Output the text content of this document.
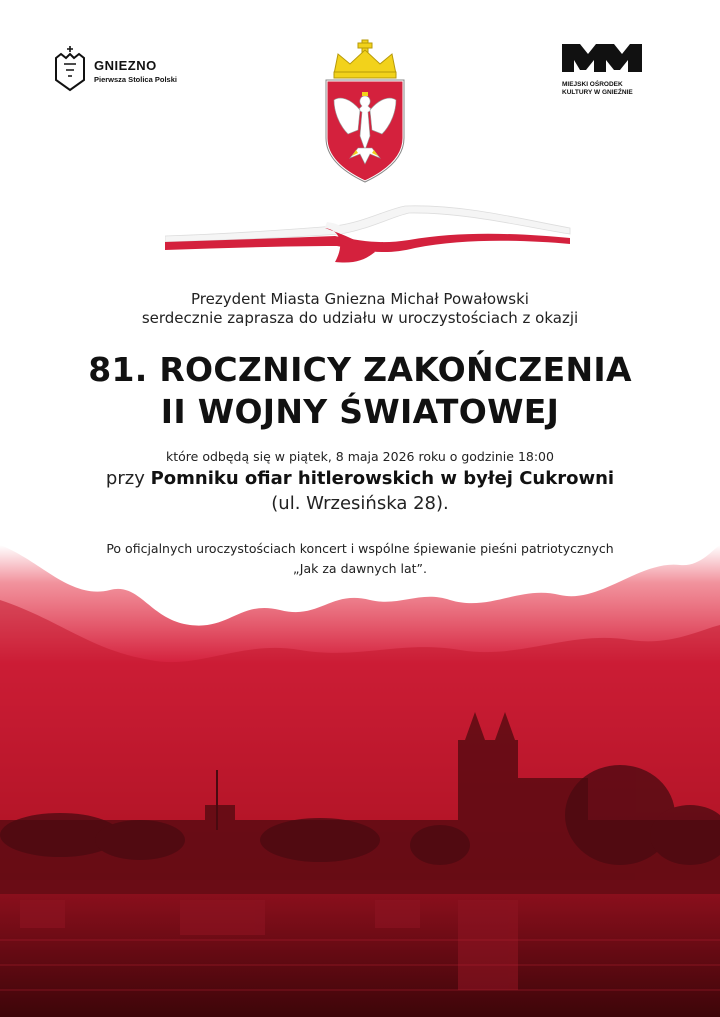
GNIEZNO
Pierwsza Stolica Polski
MIEJSKI OŚRODEK
KULTURY W GNIEŹNIE
Prezydent Miasta Gniezna Michał Powałowski
serdecznie zaprasza do udziału w uroczystościach z okazji
81. ROCZNICY ZAKOŃCZENIA
II WOJNY ŚWIATOWEJ
które odbędą się w piątek, 8 maja 2026 roku o godzinie 18:00
przy Pomniku ofiar hitlerowskich w byłej Cukrowni
(ul. Wrzesińska 28).
Po oficjalnych uroczystościach koncert i wspólne śpiewanie pieśni patriotycznych
„Jak za dawnych lat”.
